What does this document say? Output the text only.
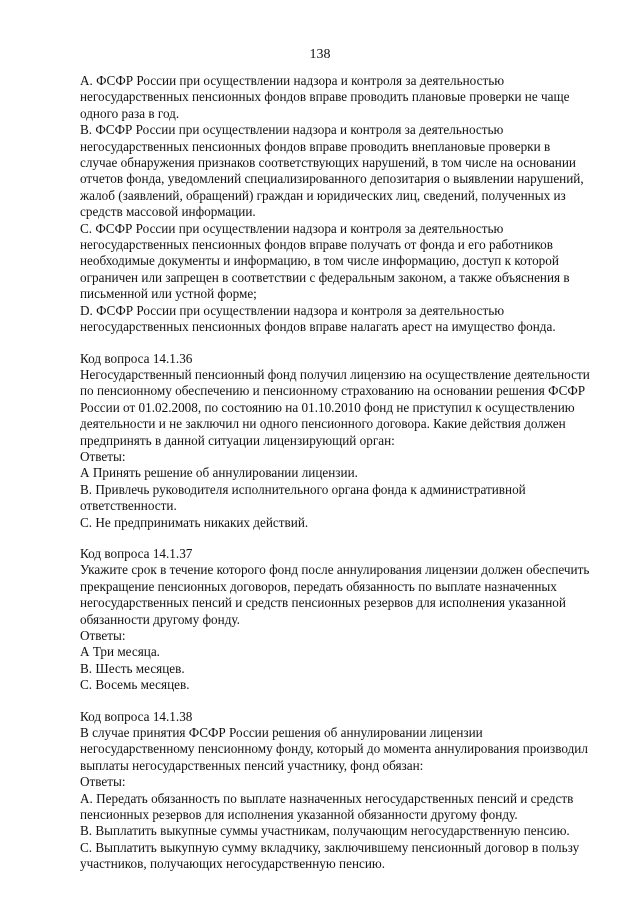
138

A. ФСФР России при осуществлении надзора и контроля за деятельностью негосударственных пенсионных фондов вправе проводить плановые проверки не чаще одного раза в год.

B. ФСФР России при осуществлении надзора и контроля за деятельностью негосударственных пенсионных фондов вправе проводить внеплановые проверки в случае обнаружения признаков соответствующих нарушений, в том числе на основании отчетов фонда, уведомлений специализированного депозитария о выявлении нарушений, жалоб (заявлений, обращений) граждан и юридических лиц, сведений, полученных из средств массовой информации.

C. ФСФР России при осуществлении надзора и контроля за деятельностью негосударственных пенсионных фондов вправе получать от фонда и его работников необходимые документы и информацию, в том числе информацию, доступ к которой ограничен или запрещен в соответствии с федеральным законом, а также объяснения в письменной или устной форме;

D. ФСФР России при осуществлении надзора и контроля за деятельностью негосударственных пенсионных фондов вправе налагать арест на имущество фонда.

Код вопроса 14.1.36

Негосударственный пенсионный фонд получил лицензию на осуществление деятельности по пенсионному обеспечению и пенсионному страхованию на основании решения ФСФР России от 01.02.2008, по состоянию на 01.10.2010 фонд не приступил к осуществлению деятельности и не заключил ни одного пенсионного договора. Какие действия должен предпринять в данной ситуации лицензирующий орган:

Ответы:

А Принять решение об аннулировании лицензии.

B. Привлечь руководителя исполнительного органа фонда к административной ответственности.

C. Не предпринимать никаких действий.

Код вопроса 14.1.37

Укажите срок в течение которого фонд после аннулирования лицензии должен обеспечить прекращение пенсионных договоров, передать обязанность по выплате назначенных негосударственных пенсий и средств пенсионных резервов для исполнения указанной обязанности другому фонду.

Ответы:

А Три месяца.

B. Шесть месяцев.

C. Восемь месяцев.

Код вопроса 14.1.38

В случае принятия ФСФР России решения об аннулировании лицензии негосударственному пенсионному фонду, который до момента аннулирования производил выплаты негосударственных пенсий участнику, фонд обязан:

Ответы:

A. Передать обязанность по выплате назначенных негосударственных пенсий и средств пенсионных резервов для исполнения указанной обязанности другому фонду.

B. Выплатить выкупные суммы участникам, получающим негосударственную пенсию.

C. Выплатить выкупную сумму вкладчику, заключившему пенсионный договор в пользу участников, получающих негосударственную пенсию.
